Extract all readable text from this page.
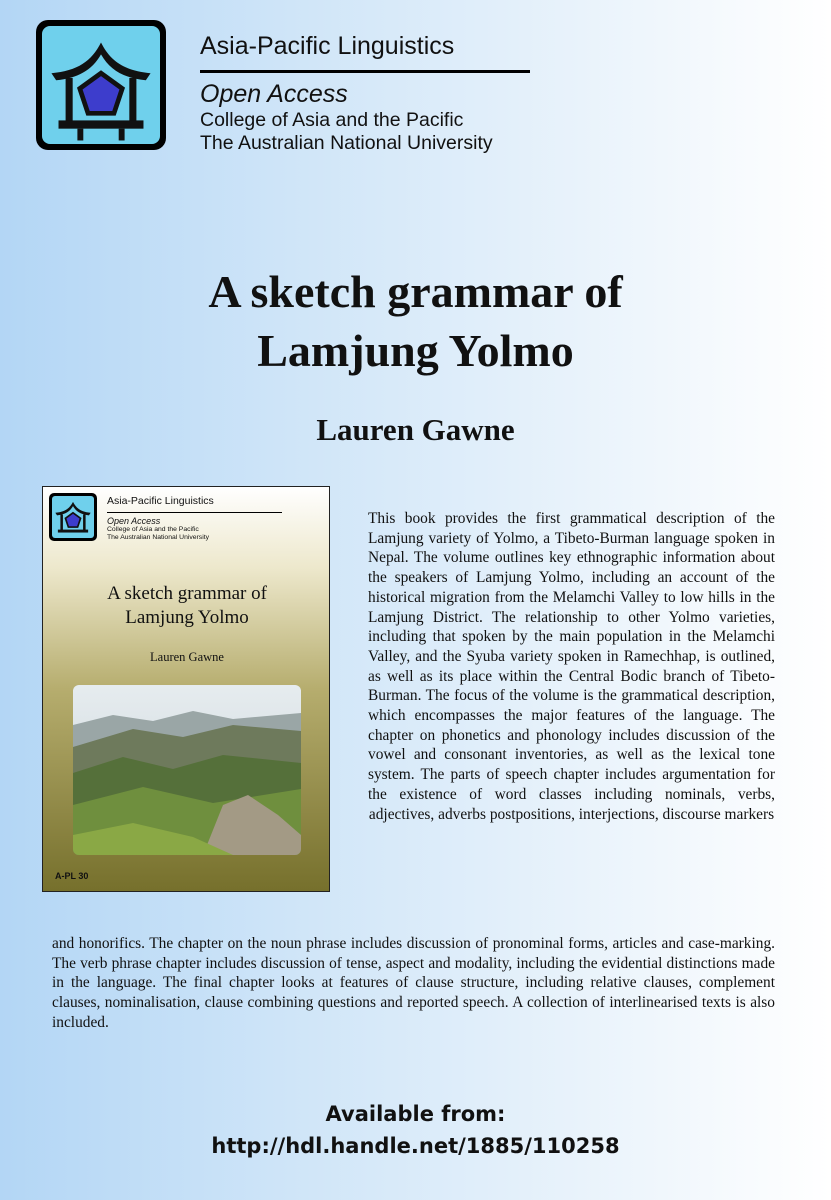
Asia-Pacific Linguistics
Open Access
College of Asia and the Pacific
The Australian National University
A sketch grammar of
Lamjung Yolmo
Lauren Gawne
Asia-Pacific Linguistics
Open Access
College of Asia and the Pacific
The Australian National University
A sketch grammar of
Lamjung Yolmo
Lauren Gawne
A-PL 30
This book provides the first grammatical description of the Lamjung variety of Yolmo, a Tibeto-Burman language spoken in Nepal. The volume outlines key ethnographic information about the speakers of Lamjung Yolmo, including an account of the historical migration from the Melamchi Valley to low hills in the Lamjung District. The relationship to other Yolmo varieties, including that spoken by the main population in the Melamchi Valley, and the Syuba variety spoken in Ramechhap, is outlined, as well as its place within the Central Bodic branch of Tibeto-Burman. The focus of the volume is the grammatical description, which encompasses the major features of the language. The chapter on phonetics and phonology includes discussion of the vowel and consonant inventories, as well as the lexical tone system. The parts of speech chapter includes argumentation for the existence of word classes including nominals, verbs, adjectives, adverbs postpositions, interjections, discourse markers
and honorifics. The chapter on the noun phrase includes discussion of pronominal forms, articles and case-marking. The verb phrase chapter includes discussion of tense, aspect and modality, including the evidential distinctions made in the language. The final chapter looks at features of clause structure, including relative clauses, complement clauses, nominalisation, clause combining questions and reported speech. A collection of interlinearised texts is also included.
Available from:
http://hdl.handle.net/1885/110258
